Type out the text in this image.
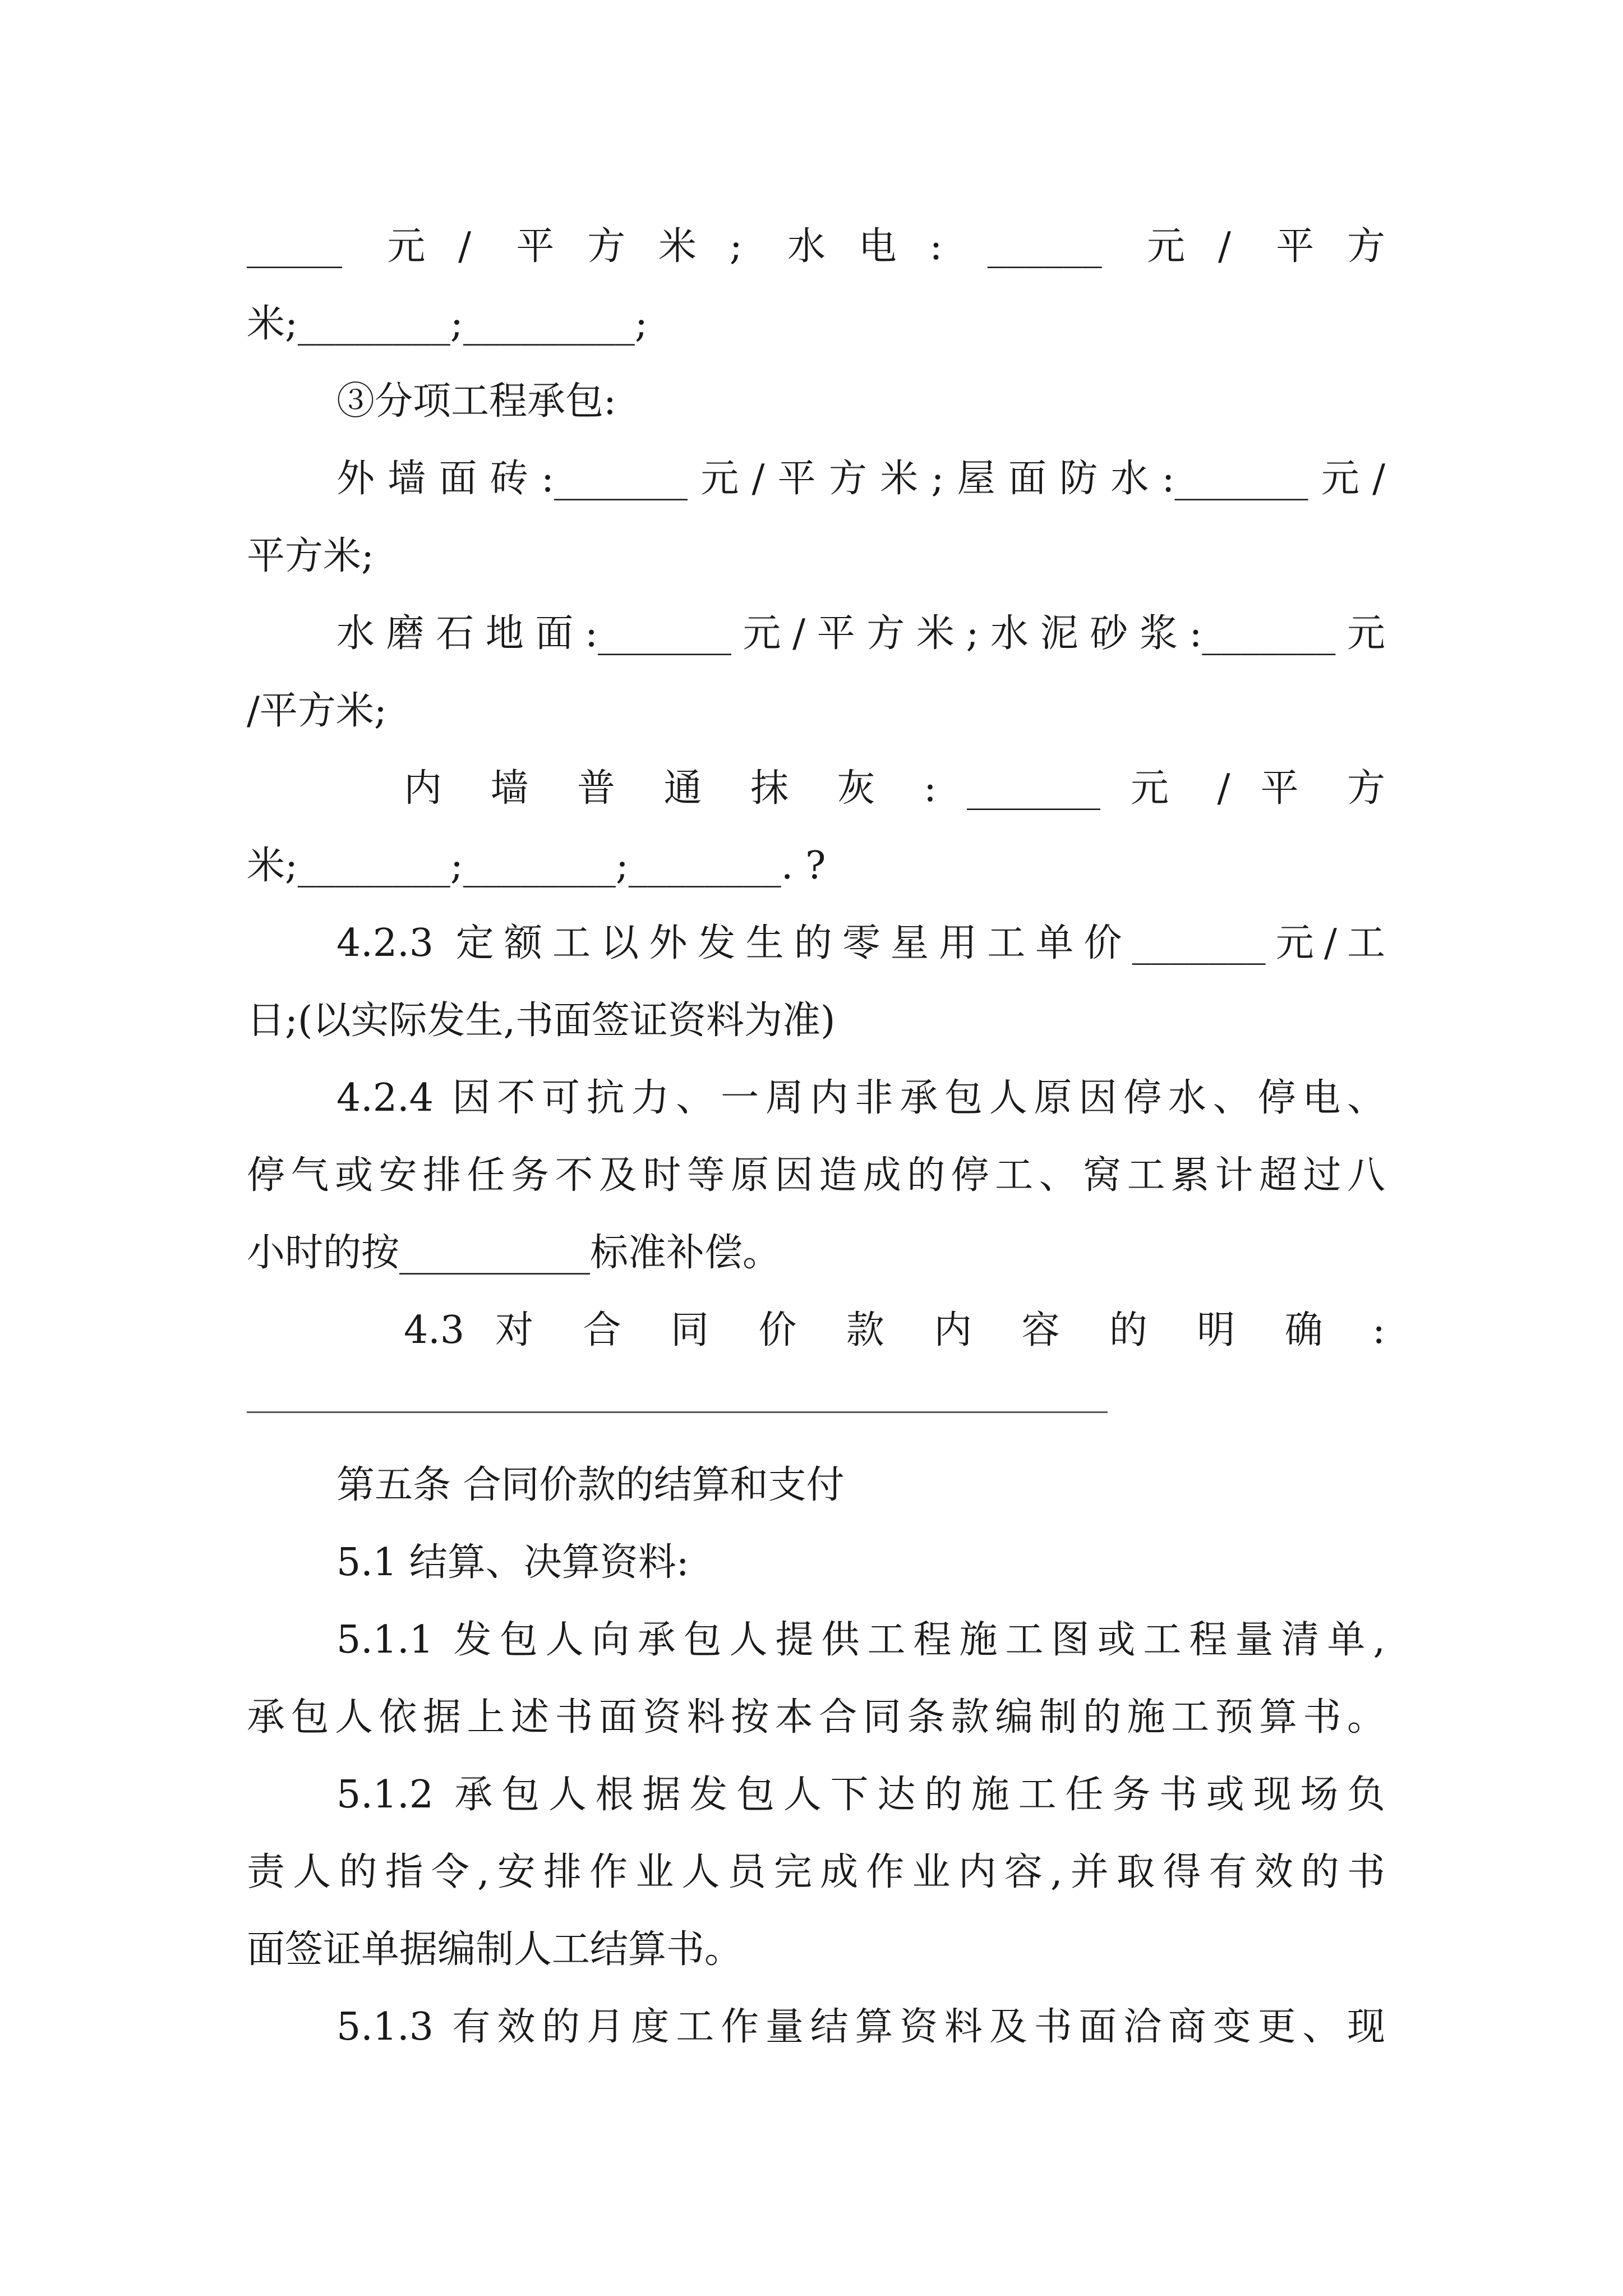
_____ 元/ 平方米; 水电: ______ 元/ 平方
米;________;_________;
③分项工程承包:
外墙面砖:_______元/平方米;屋面防水:_______元/
平方米;
水磨石地面:_______元/平方米;水泥砂浆:_______元
/平方米;
内 墙 普 通 抹 灰 : _______ 元 / 平 方
米;________;________;________. ?
4.2.3 定额工以外发生的零星用工单价_______元/工
日;(以实际发生,书面签证资料为准)
4.2.4 因不可抗力、一周内非承包人原因停水、停电、
停气或安排任务不及时等原因造成的停工、窝工累计超过八
小时的按__________标准补偿。
4.3 对 合 同 价 款 内 容 的 明 确 :
第五条 合同价款的结算和支付
5.1 结算、决算资料:
5.1.1 发包人向承包人提供工程施工图或工程量清单,
承包人依据上述书面资料按本合同条款编制的施工预算书。
5.1.2 承包人根据发包人下达的施工任务书或现场负
责人的指令,安排作业人员完成作业内容,并取得有效的书
面签证单据编制人工结算书。
5.1.3 有效的月度工作量结算资料及书面洽商变更、现
